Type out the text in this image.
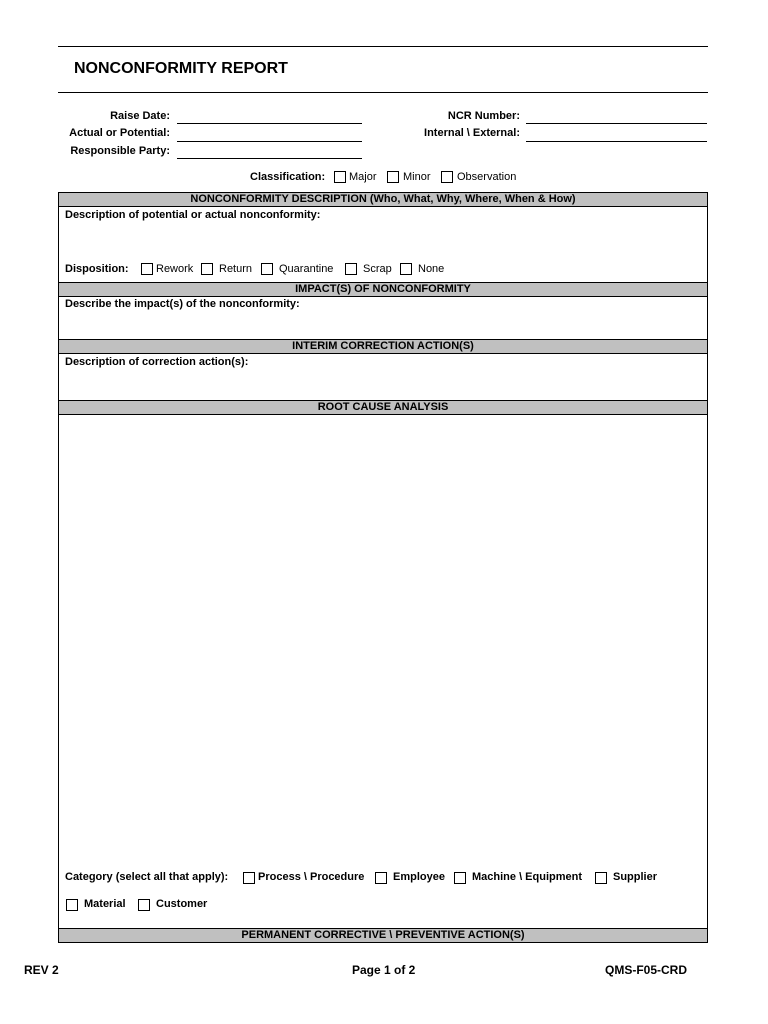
NONCONFORMITY REPORT
Raise Date:
Actual or Potential:
Responsible Party:
NCR Number:
Internal \ External:
Classification: Major Minor Observation
NONCONFORMITY DESCRIPTION (Who, What, Why, Where, When & How)
Description of potential or actual nonconformity:
Disposition: Rework Return Quarantine	Scrap None
IMPACT(S) OF NONCONFORMITY
Describe the impact(s) of the nonconformity:
INTERIM CORRECTION ACTION(S)
Description of correction action(s):
ROOT CAUSE ANALYSIS
Category (select all that apply):	Process \ Procedure	Employee Machine \ Equipment	Supplier
Material	Customer
PERMANENT CORRECTIVE \ PREVENTIVE ACTION(S)
REV 2	Page 1 of 2	QMS-F05-CRD
